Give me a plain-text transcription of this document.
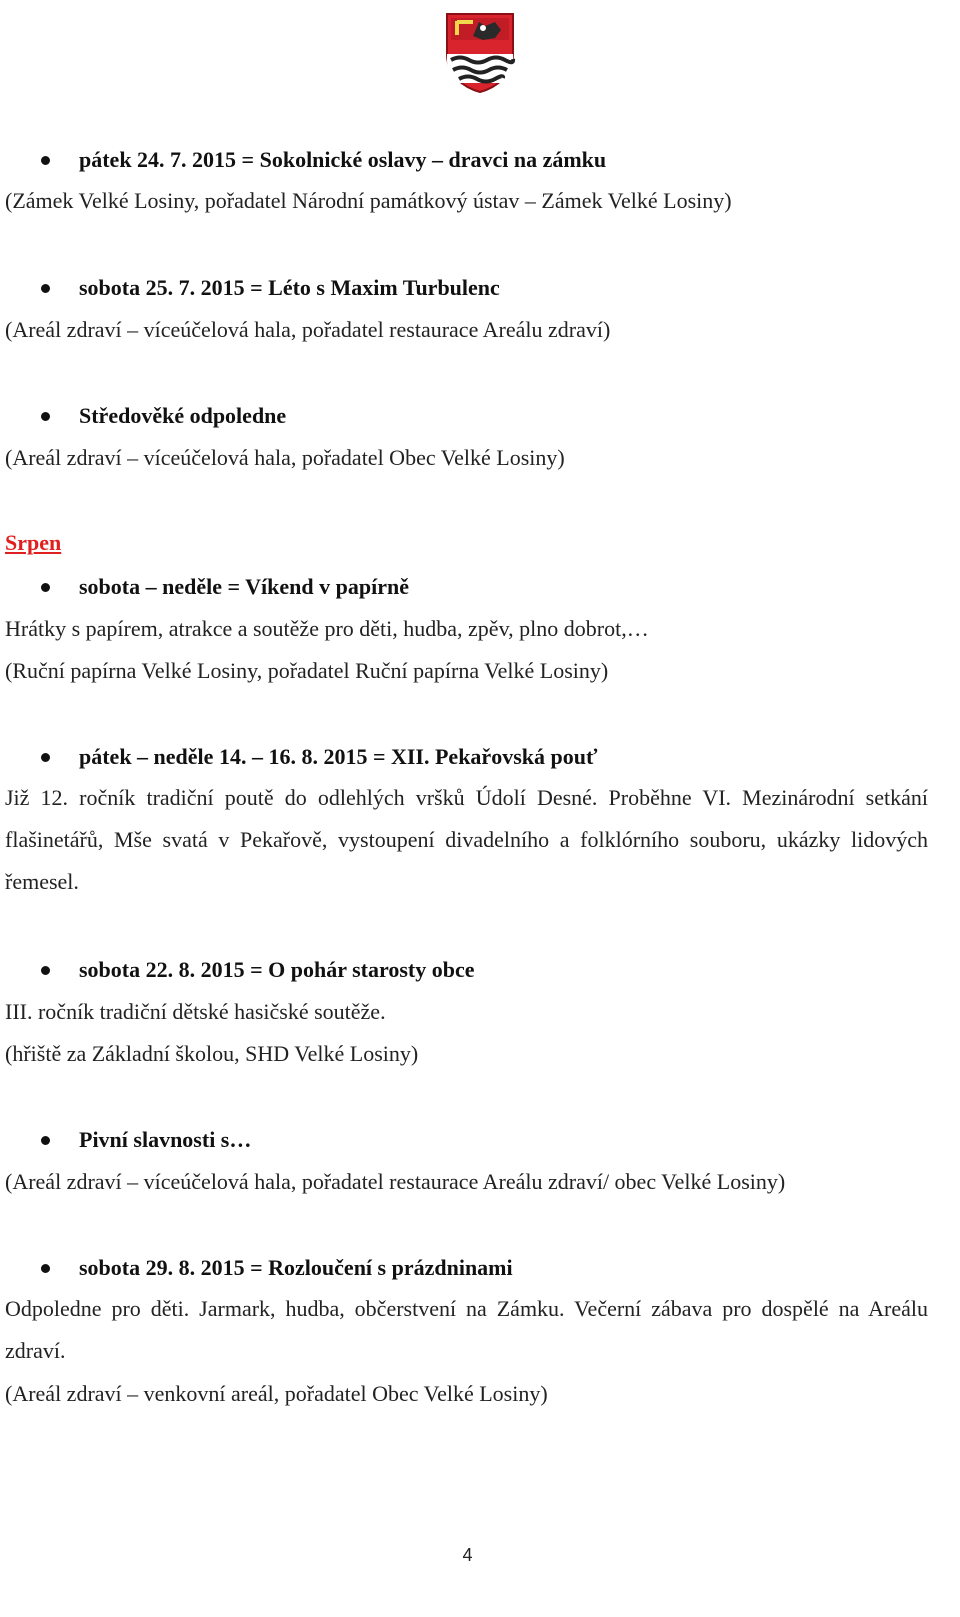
pátek 24. 7. 2015 = Sokolnické oslavy – dravci na zámku
(Zámek Velké Losiny, pořadatel Národní památkový ústav – Zámek Velké Losiny)
sobota 25. 7. 2015 = Léto s Maxim Turbulenc
(Areál zdraví – víceúčelová hala, pořadatel restaurace Areálu zdraví)
Středověké odpoledne
(Areál zdraví – víceúčelová hala, pořadatel Obec Velké Losiny)
Srpen
sobota – neděle = Víkend v papírně
Hrátky s papírem, atrakce a soutěže pro děti, hudba, zpěv, plno dobrot,…
(Ruční papírna Velké Losiny, pořadatel Ruční papírna Velké Losiny)
pátek – neděle 14. – 16. 8. 2015 = XII. Pekařovská pouť
Již 12. ročník tradiční poutě do odlehlých vršků Údolí Desné. Proběhne VI. Mezinárodní setkání flašinetářů, Mše svatá v Pekařově, vystoupení divadelního a folklórního souboru, ukázky lidových řemesel.
sobota 22. 8. 2015 = O pohár starosty obce
III. ročník tradiční dětské hasičské soutěže.
(hřiště za Základní školou, SHD Velké Losiny)
Pivní slavnosti s…
(Areál zdraví – víceúčelová hala, pořadatel restaurace Areálu zdraví/ obec Velké Losiny)
sobota 29. 8. 2015 = Rozloučení s prázdninami
Odpoledne pro děti. Jarmark, hudba, občerstvení na Zámku. Večerní zábava pro dospělé na Areálu zdraví.
(Areál zdraví – venkovní areál, pořadatel Obec Velké Losiny)
4
